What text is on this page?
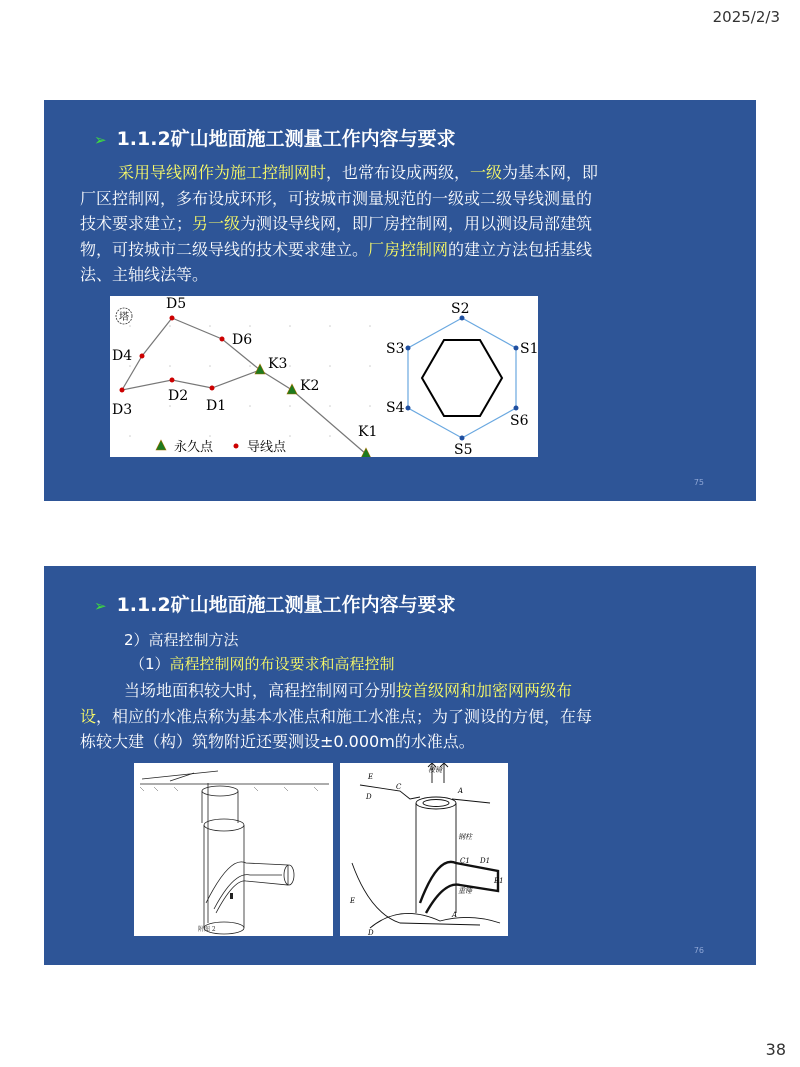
2025/2/3
➢ 1.1.2矿山地面施工测量工作内容与要求
采用导线网作为施工控制网时，也常布设成两级，一级为基本网，即厂区控制网，多布设成环形，可按城市测量规范的一级或二级导线测量的技术要求建立；另一级为测设导线网，即厂房控制网，用以测设局部建筑物，可按城市二级导线的技术要求建立。厂房控制网的建立方法包括基线法、主轴线法等。
塔
D5
D6
D4	K3
K2
D2
D1
D3
K1
永久点	导线点
S2
S3	S1
S4
S6
S5
75
➢ 1.1.2矿山地面施工测量工作内容与要求
2）高程控制方法
（1）高程控制网的布设要求和高程控制
当场地面积较大时，高程控制网可分别按首级网和加密网两级布设，相应的水准点称为基本水准点和施工水准点；为了测设的方便，在每栋较大建（构）筑物附近还要测设±0.000m的水准点。
附图 2
稜镜
钢柱
重锤
E
D
C	A
A
C1 D1
E1
E
D
76
38
